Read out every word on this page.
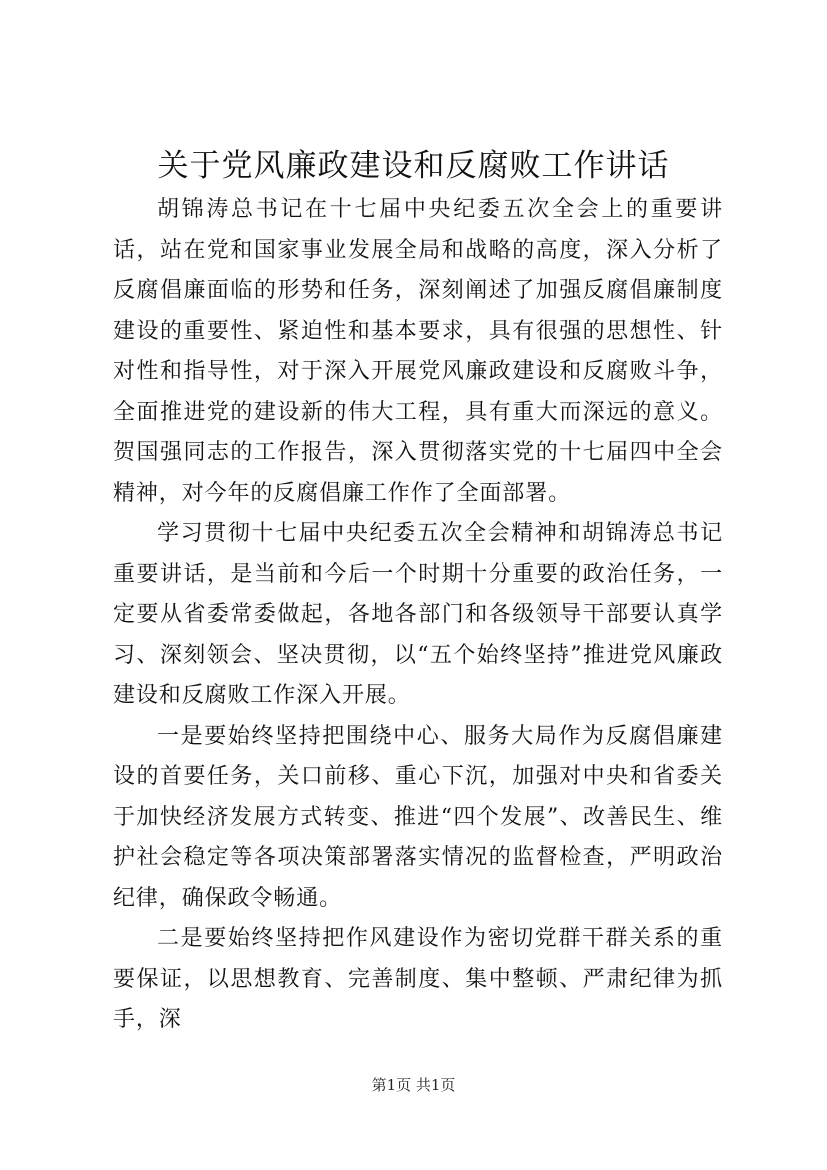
关于党风廉政建设和反腐败工作讲话

胡锦涛总书记在十七届中央纪委五次全会上的重要讲话，站在党和国家事业发展全局和战略的高度，深入分析了反腐倡廉面临的形势和任务，深刻阐述了加强反腐倡廉制度建设的重要性、紧迫性和基本要求，具有很强的思想性、针对性和指导性，对于深入开展党风廉政建设和反腐败斗争，全面推进党的建设新的伟大工程，具有重大而深远的意义。贺国强同志的工作报告，深入贯彻落实党的十七届四中全会精神，对今年的反腐倡廉工作作了全面部署。

学习贯彻十七届中央纪委五次全会精神和胡锦涛总书记重要讲话，是当前和今后一个时期十分重要的政治任务，一定要从省委常委做起，各地各部门和各级领导干部要认真学习、深刻领会、坚决贯彻，以“五个始终坚持”推进党风廉政建设和反腐败工作深入开展。

一是要始终坚持把围绕中心、服务大局作为反腐倡廉建设的首要任务，关口前移、重心下沉，加强对中央和省委关于加快经济发展方式转变、推进“四个发展”、改善民生、维护社会稳定等各项决策部署落实情况的监督检查，严明政治纪律，确保政令畅通。

二是要始终坚持把作风建设作为密切党群干群关系的重要保证，以思想教育、完善制度、集中整顿、严肃纪律为抓手，深

第1页 共1页
